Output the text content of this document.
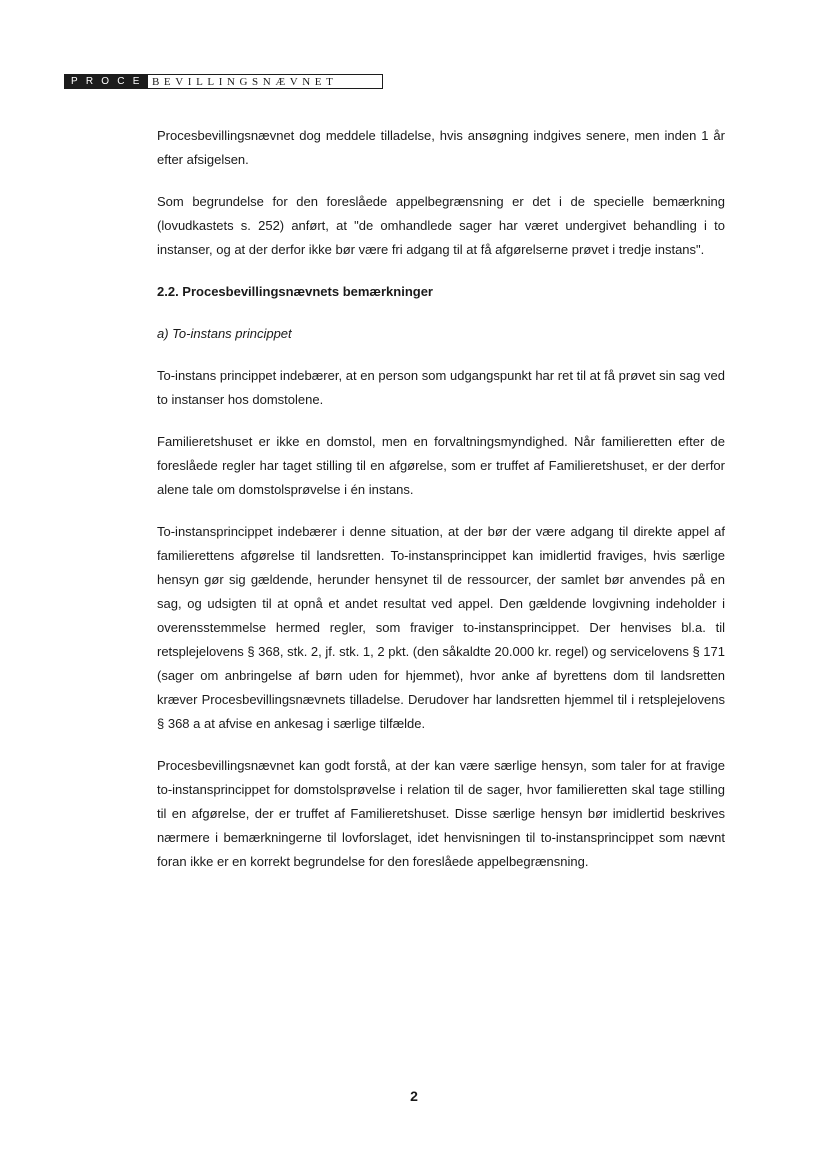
PROCES
BEVILLINGSNÆVNET

Procesbevillingsnævnet dog meddele tilladelse, hvis ansøgning indgives senere, men inden 1 år efter afsigelsen.

Som begrundelse for den foreslåede appelbegrænsning er det i de specielle bemærkning (lovudkastets s. 252) anført, at "de omhandlede sager har været undergivet behandling i to instanser, og at der derfor ikke bør være fri adgang til at få afgørelserne prøvet i tredje instans".

2.2. Procesbevillingsnævnets bemærkninger

a) To-instans princippet

To-instans princippet indebærer, at en person som udgangspunkt har ret til at få prøvet sin sag ved to instanser hos domstolene.

Familieretshuset er ikke en domstol, men en forvaltningsmyndighed. Når familieretten efter de foreslåede regler har taget stilling til en afgørelse, som er truffet af Familieretshuset, er der derfor alene tale om domstolsprøvelse i én instans.

To-instansprincippet indebærer i denne situation, at der bør der være adgang til direkte appel af familierettens afgørelse til landsretten. To-instansprincippet kan imidlertid fraviges, hvis særlige hensyn gør sig gældende, herunder hensynet til de ressourcer, der samlet bør anvendes på en sag, og udsigten til at opnå et andet resultat ved appel. Den gældende lovgivning indeholder i overensstemmelse hermed regler, som fraviger to-instansprincippet. Der henvises bl.a. til retsplejelovens § 368, stk. 2, jf. stk. 1, 2 pkt. (den såkaldte 20.000 kr. regel) og servicelovens § 171 (sager om anbringelse af børn uden for hjemmet), hvor anke af byrettens dom til landsretten kræver Procesbevillingsnævnets tilladelse. Derudover har landsretten hjemmel til i retsplejelovens § 368 a at afvise en ankesag i særlige tilfælde.

Procesbevillingsnævnet kan godt forstå, at der kan være særlige hensyn, som taler for at fravige to-instansprincippet for domstolsprøvelse i relation til de sager, hvor familieretten skal tage stilling til en afgørelse, der er truffet af Familieretshuset. Disse særlige hensyn bør imidlertid beskrives nærmere i bemærkningerne til lovforslaget, idet henvisningen til to-instansprincippet som nævnt foran ikke er en korrekt begrundelse for den foreslåede appelbegrænsning.

2
